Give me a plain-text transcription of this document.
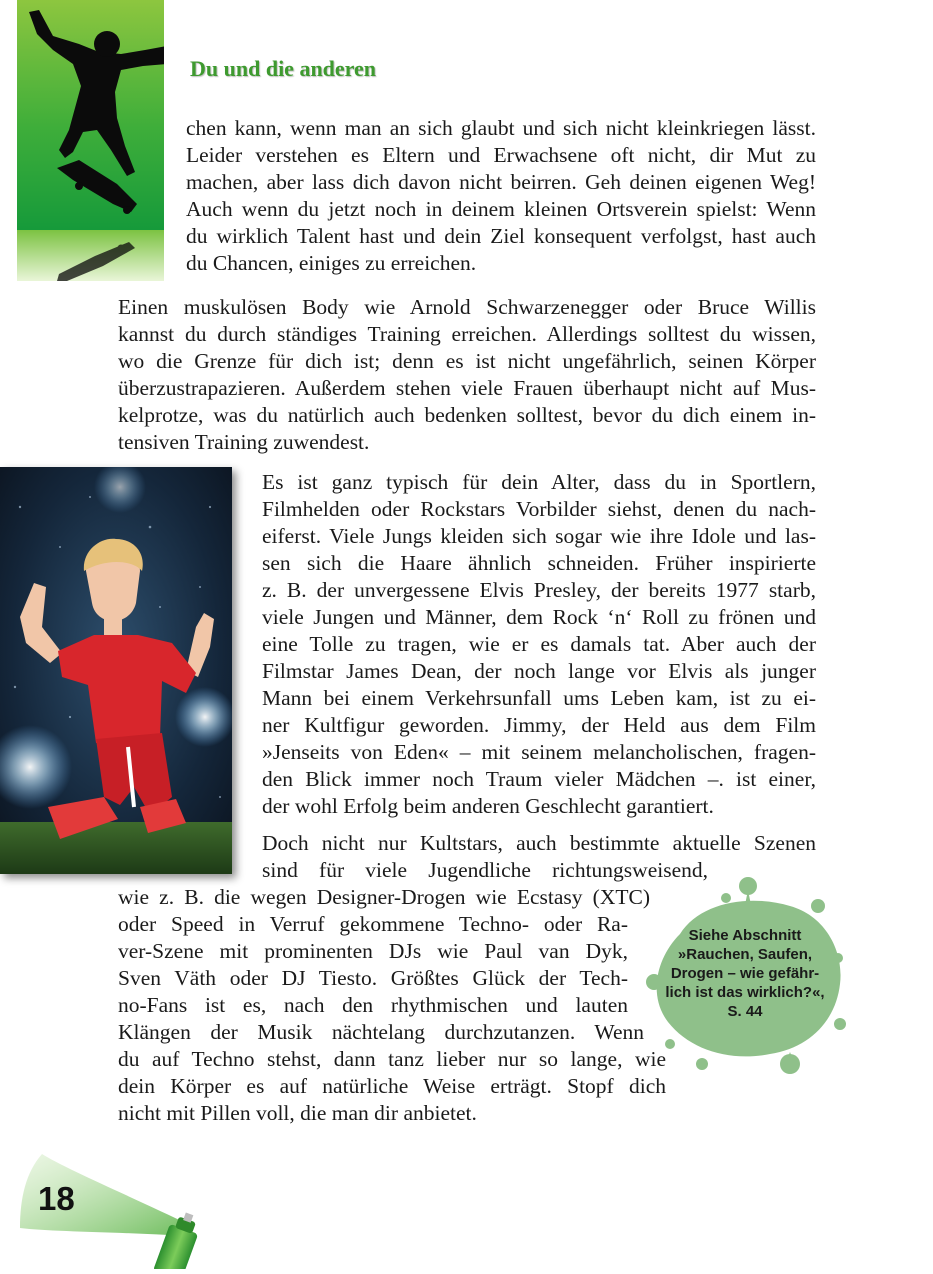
Du und die anderen
chen kann, wenn man an sich glaubt und sich nicht kleinkriegen lässt.
Leider verstehen es Eltern und Erwachsene oft nicht, dir Mut zu
machen, aber lass dich davon nicht beirren. Geh deinen eigenen Weg!
Auch wenn du jetzt noch in deinem kleinen Ortsverein spielst: Wenn
du wirklich Talent hast und dein Ziel konsequent verfolgst, hast auch
du Chancen, einiges zu erreichen.
Einen muskulösen Body wie Arnold Schwarzenegger oder Bruce Willis
kannst du durch ständiges Training erreichen. Allerdings solltest du wissen,
wo die Grenze für dich ist; denn es ist nicht ungefährlich, seinen Körper
überzustrapazieren. Außerdem stehen viele Frauen überhaupt nicht auf Mus-
kelprotze, was du natürlich auch bedenken solltest, bevor du dich einem in-
tensiven Training zuwendest.
Es ist ganz typisch für dein Alter, dass du in Sportlern,
Filmhelden oder Rockstars Vorbilder siehst, denen du nach-
eiferst. Viele Jungs kleiden sich sogar wie ihre Idole und las-
sen sich die Haare ähnlich schneiden. Früher inspirierte
z. B. der unvergessene Elvis Presley, der bereits 1977 starb,
viele Jungen und Männer, dem Rock ‘n‘ Roll zu frönen und
eine Tolle zu tragen, wie er es damals tat. Aber auch der
Filmstar James Dean, der noch lange vor Elvis als junger
Mann bei einem Verkehrsunfall ums Leben kam, ist zu ei-
ner Kultfigur geworden. Jimmy, der Held aus dem Film
»Jenseits von Eden« – mit seinem melancholischen, fragen-
den Blick immer noch Traum vieler Mädchen –. ist einer,
der wohl Erfolg beim anderen Geschlecht garantiert.
Doch nicht nur Kultstars, auch bestimmte aktuelle Szenen
sind für viele Jugendliche richtungsweisend,
wie z. B. die wegen Designer-Drogen wie Ecstasy (XTC)
oder Speed in Verruf gekommene Techno- oder Ra-
ver-Szene mit prominenten DJs wie Paul van Dyk,
Sven Väth oder DJ Tiesto. Größtes Glück der Tech-
no-Fans ist es, nach den rhythmischen und lauten
Klängen der Musik nächtelang durchzutanzen. Wenn
du auf Techno stehst, dann tanz lieber nur so lange, wie
dein Körper es auf natürliche Weise erträgt. Stopf dich
nicht mit Pillen voll, die man dir anbietet.

Siehe Abschnitt

»Rauchen, Saufen,

Drogen – wie gefähr-

lich ist das wirklich?«,

S. 44

18
